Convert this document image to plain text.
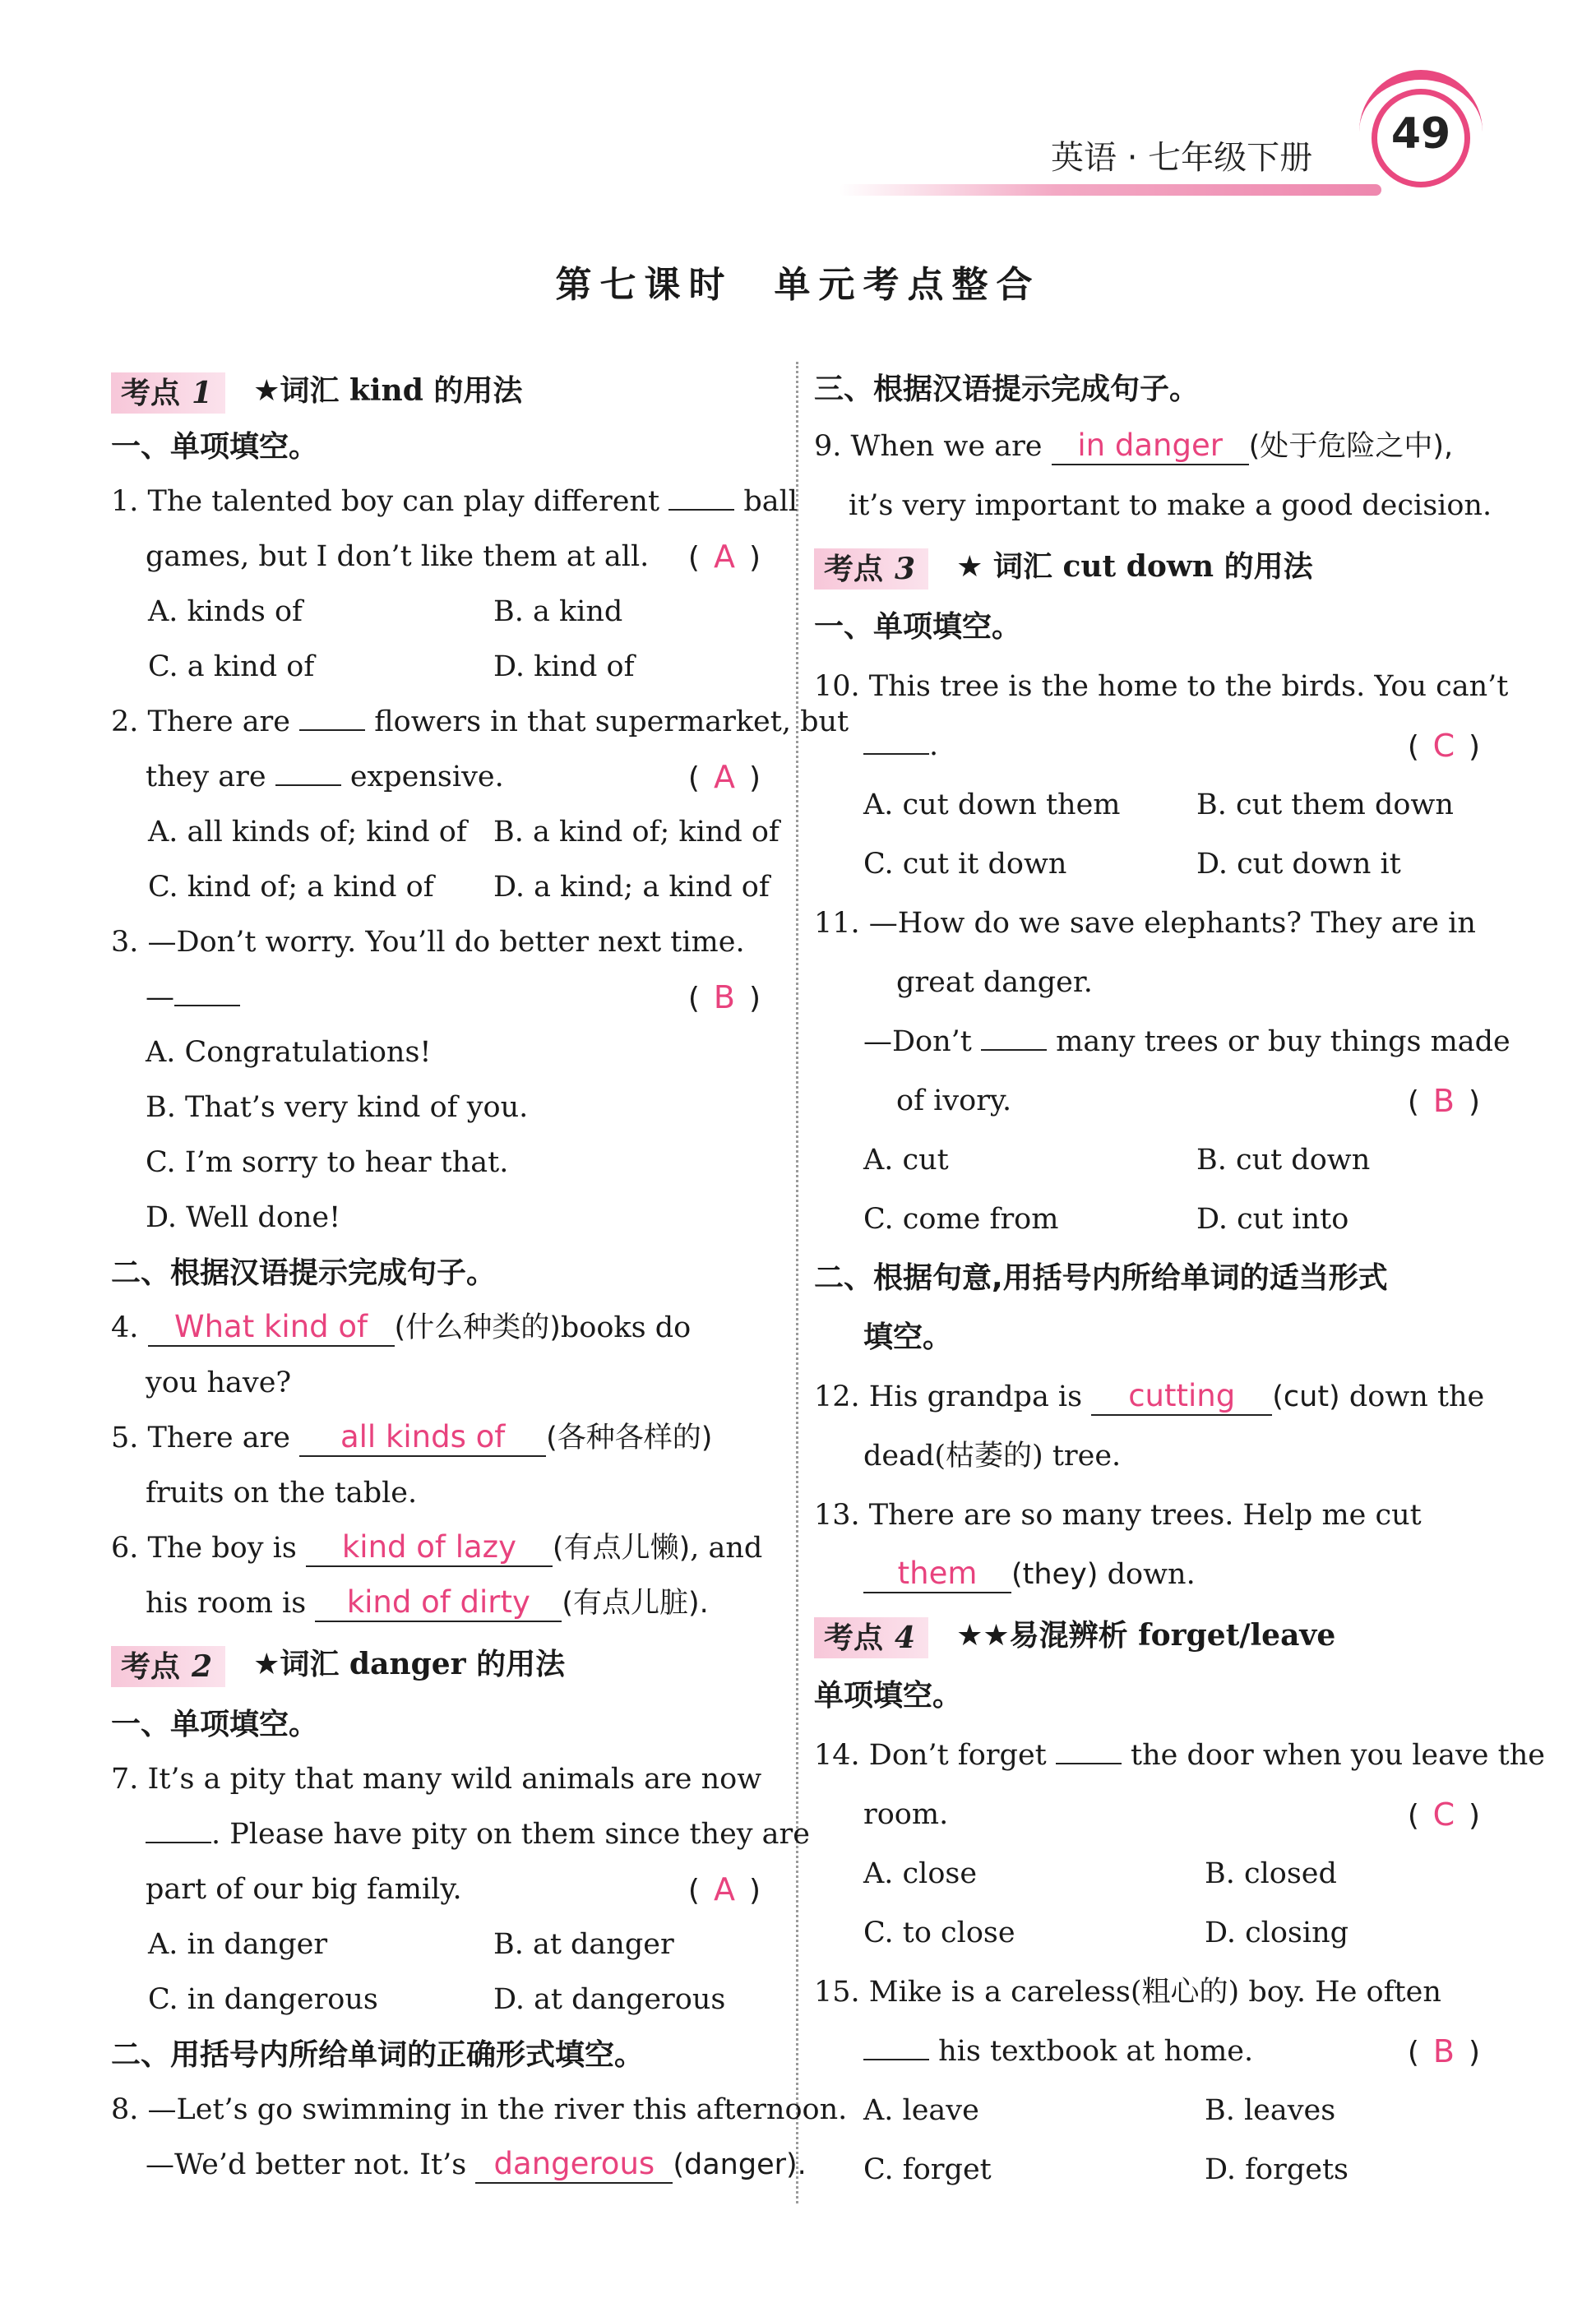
英语 · 七年级下册	49
第七课时 单元考点整合
考点 1 ★词汇 kind 的用法
一、单项填空。
1. The talented boy can play different	ball
games, but I don’t like them at all. ( A )
A. kinds of	B. a kind
C. a kind of	D. kind of
2. There are	flowers in that supermarket, but
they are	expensive.	( A )
A. all kinds of; kind of B. a kind of; kind of
C. kind of; a kind of D. a kind; a kind of
3. —Don’t worry. You’ll do better next time.
—	( B )
A. Congratulations!
B. That’s very kind of you.
C. I’m sorry to hear that.
D. Well done!
二、根据汉语提示完成句子。
4. What kind of (什么种类的)books do
you have?
5. There are all kinds of (各种各样的)
fruits on the table.
6. The boy is kind of lazy (有点儿懒), and
his room is kind of dirty (有点儿脏).
考点 2 ★词汇 danger 的用法
一、单项填空。
7. It’s a pity that many wild animals are now
. Please have pity on them since they are
part of our big family.	( A )
A. in danger	B. at danger
C. in dangerous	D. at dangerous
二、用括号内所给单词的正确形式填空。
8. —Let’s go swimming in the river this afternoon.
—We’d better not. It’s dangerous (danger).
三、根据汉语提示完成句子。
9. When we are in danger (处于危险之中),
it’s very important to make a good decision.
考点 3 ★ 词汇 cut down 的用法
一、单项填空。
10. This tree is the home to the birds. You can’t
.	( C )
A. cut down them	B. cut them down
C. cut it down	D. cut down it
11. —How do we save elephants? They are in
great danger.
—Don’t	many trees or buy things made
of ivory.	( B )
A. cut	B. cut down
C. come from	D. cut into
二、根据句意,用括号内所给单词的适当形式
填空。
12. His grandpa is cutting (cut) down the
dead(枯萎的) tree.
13. There are so many trees. Help me cut
them (they) down.
考点 4 ★★易混辨析 forget/leave
单项填空。
14. Don’t forget	the door when you leave the
room.	( C )
A. close	B. closed
C. to close	D. closing
15. Mike is a careless(粗心的) boy. He often
his textbook at home.	( B )
A. leave	B. leaves
C. forget	D. forgets
